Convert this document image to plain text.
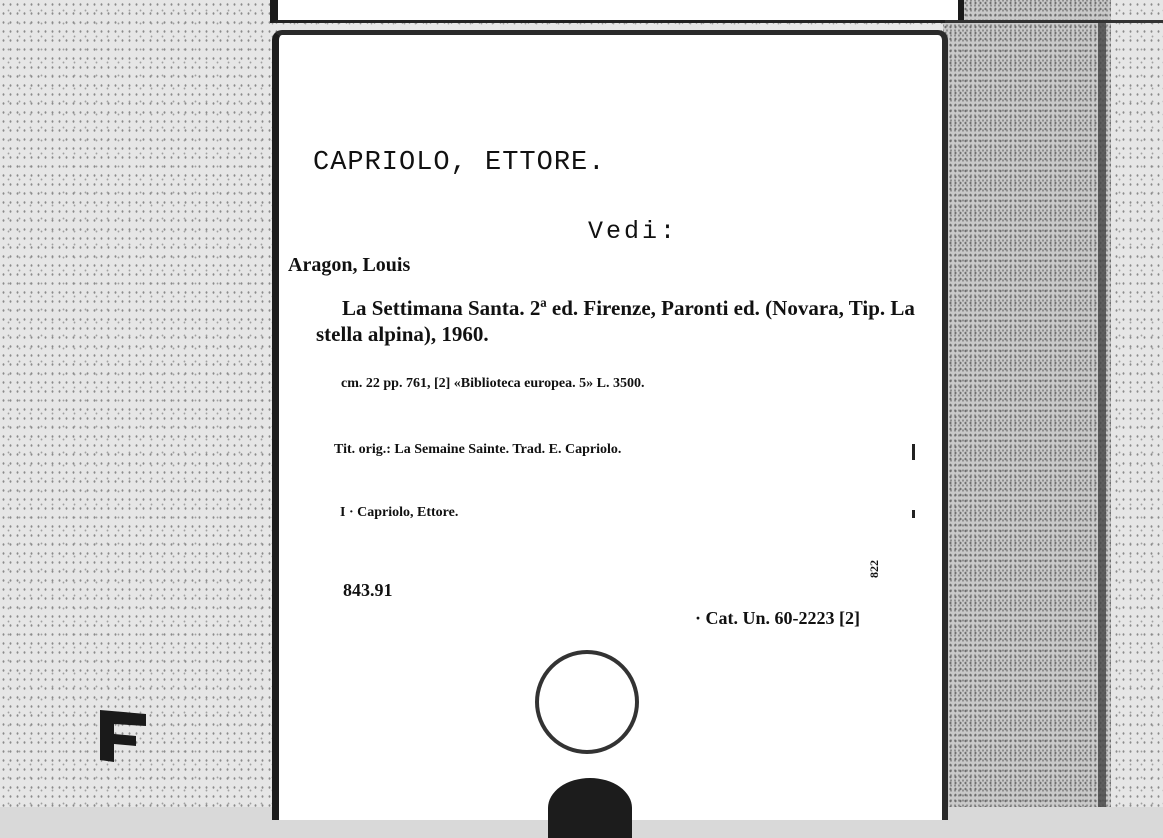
CAPRIOLO, ETTORE.
Vedi:
Aragon, Louis
La Settimana Santa. 2ª ed. Firenze, Paronti ed. (Novara, Tip. La stella alpina), 1960.
cm. 22 pp. 761, [2] «Biblioteca europea. 5» L. 3500.
Tit. orig.: La Semaine Sainte. Trad. E. Capriolo.
I · Capriolo, Ettore.
822
843.91
· Cat. Un. 60-2223 [2]
